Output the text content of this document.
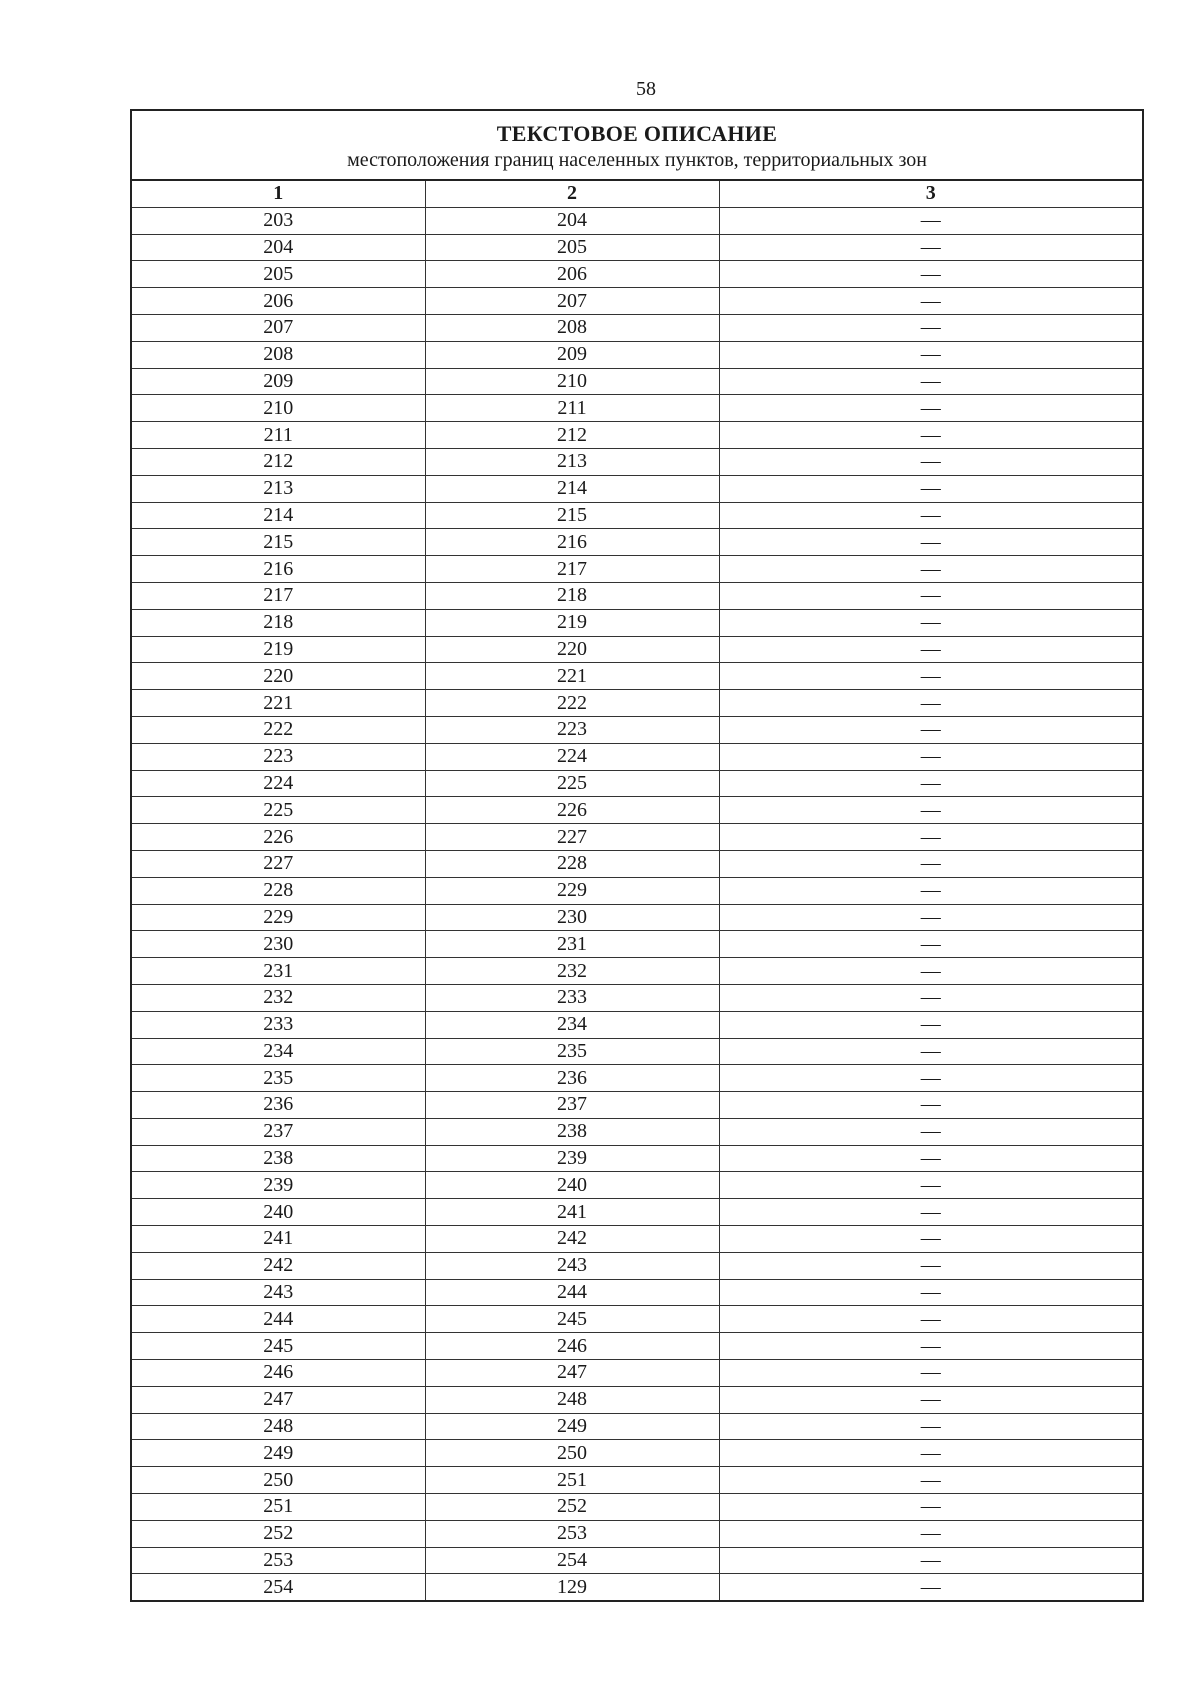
58
ТЕКСТОВОЕ ОПИСАНИЕ
местоположения границ населенных пунктов, территориальных зон
1	2	3
203	204	—
204	205	—
205	206	—
206	207	—
207	208	—
208	209	—
209	210	—
210	211	—
211	212	—
212	213	—
213	214	—
214	215	—
215	216	—
216	217	—
217	218	—
218	219	—
219	220	—
220	221	—
221	222	—
222	223	—
223	224	—
224	225	—
225	226	—
226	227	—
227	228	—
228	229	—
229	230	—
230	231	—
231	232	—
232	233	—
233	234	—
234	235	—
235	236	—
236	237	—
237	238	—
238	239	—
239	240	—
240	241	—
241	242	—
242	243	—
243	244	—
244	245	—
245	246	—
246	247	—
247	248	—
248	249	—
249	250	—
250	251	—
251	252	—
252	253	—
253	254	—
254	129	—
